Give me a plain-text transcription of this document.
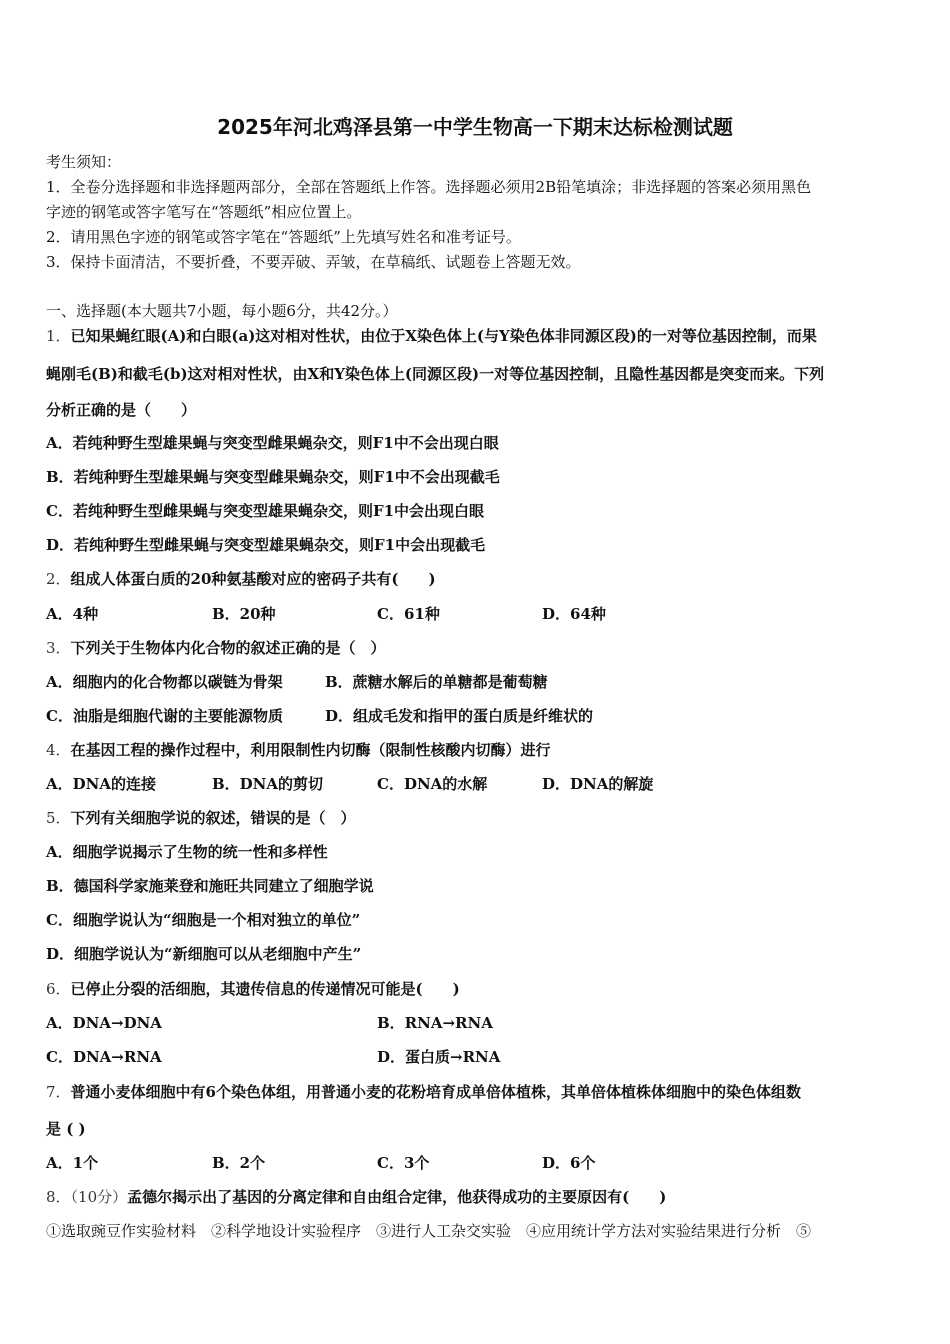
2025年河北鸡泽县第一中学生物高一下期末达标检测试题
考生须知：
1．全卷分选择题和非选择题两部分，全部在答题纸上作答。选择题必须用2B铅笔填涂；非选择题的答案必须用黑色
字迹的钢笔或答字笔写在“答题纸”相应位置上。
2．请用黑色字迹的钢笔或答字笔在“答题纸”上先填写姓名和准考证号。
3．保持卡面清洁，不要折叠，不要弄破、弄皱，在草稿纸、试题卷上答题无效。
一、选择题(本大题共7小题，每小题6分，共42分。）
1．已知果蝇红眼(A)和白眼(a)这对相对性状，由位于X染色体上(与Y染色体非同源区段)的一对等位基因控制，而果
蝇刚毛(B)和截毛(b)这对相对性状，由X和Y染色体上(同源区段)一对等位基因控制，且隐性基因都是突变而来。下列
分析正确的是（　　）
A．若纯种野生型雄果蝇与突变型雌果蝇杂交，则F1中不会出现白眼
B．若纯种野生型雄果蝇与突变型雌果蝇杂交，则F1中不会出现截毛
C．若纯种野生型雌果蝇与突变型雄果蝇杂交，则F1中会出现白眼
D．若纯种野生型雌果蝇与突变型雄果蝇杂交，则F1中会出现截毛
2．组成人体蛋白质的20种氨基酸对应的密码子共有(　　)
A．4种	B．20种	C．61种	D．64种
3．下列关于生物体内化合物的叙述正确的是（　）
A．细胞内的化合物都以碳链为骨架	B．蔗糖水解后的单糖都是葡萄糖
C．油脂是细胞代谢的主要能源物质	D．组成毛发和指甲的蛋白质是纤维状的
4．在基因工程的操作过程中，利用限制性内切酶（限制性核酸内切酶）进行
A．DNA的连接	B．DNA的剪切	C．DNA的水解	D．DNA的解旋
5．下列有关细胞学说的叙述，错误的是（　）
A．细胞学说揭示了生物的统一性和多样性
B．德国科学家施莱登和施旺共同建立了细胞学说
C．细胞学说认为“细胞是一个相对独立的单位”
D．细胞学说认为“新细胞可以从老细胞中产生”
6．已停止分裂的活细胞，其遗传信息的传递情况可能是(　　)
A．DNA→DNA	B．RNA→RNA
C．DNA→RNA	D．蛋白质→RNA
7．普通小麦体细胞中有6个染色体组，用普通小麦的花粉培育成单倍体植株，其单倍体植株体细胞中的染色体组数
是 ( )
A．1个	B．2个	C．3个	D．6个
8．（10分）孟德尔揭示出了基因的分离定律和自由组合定律，他获得成功的主要原因有(　　)
①选取豌豆作实验材料　②科学地设计实验程序　③进行人工杂交实验　④应用统计学方法对实验结果进行分析　⑤
